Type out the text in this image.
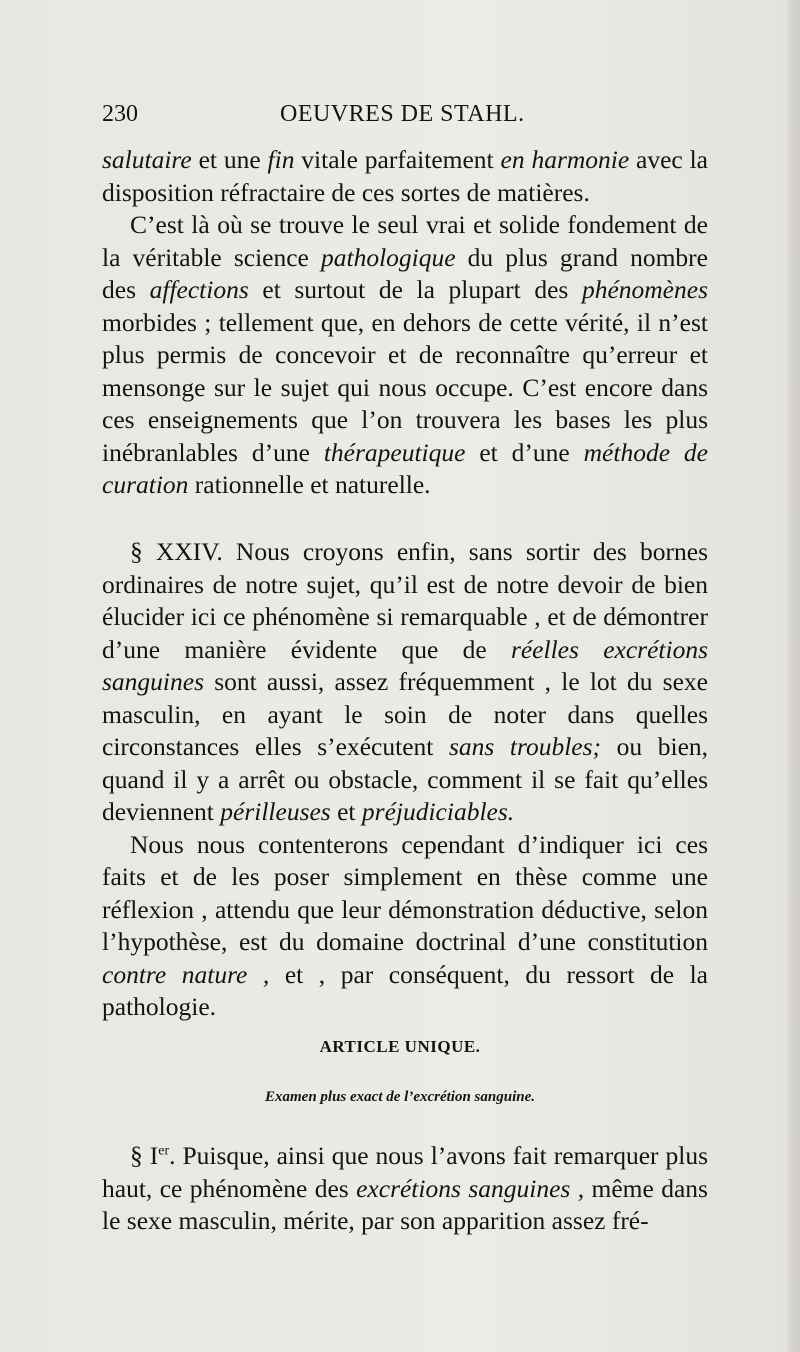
230	OEUVRES DE STAHL.

salutaire et une fin vitale parfaitement en harmonie avec la disposition réfractaire de ces sortes de matières.

C’est là où se trouve le seul vrai et solide fondement de la véritable science pathologique du plus grand nombre des affections et surtout de la plupart des phénomènes morbides ; tellement que, en dehors de cette vérité, il n’est plus permis de concevoir et de reconnaître qu’erreur et mensonge sur le sujet qui nous occupe. C’est encore dans ces enseignements que l’on trouvera les bases les plus inébranlables d’une thérapeutique et d’une méthode de curation rationnelle et naturelle.

§ XXIV. Nous croyons enfin, sans sortir des bornes ordinaires de notre sujet, qu’il est de notre devoir de bien élucider ici ce phénomène si remarquable , et de démontrer d’une manière évidente que de réelles excrétions sanguines sont aussi, assez fréquemment , le lot du sexe masculin, en ayant le soin de noter dans quelles circonstances elles s’exécutent sans troubles; ou bien, quand il y a arrêt ou obstacle, comment il se fait qu’elles deviennent périlleuses et préjudiciables.

Nous nous contenterons cependant d’indiquer ici ces faits et de les poser simplement en thèse comme une réflexion , attendu que leur démonstration déductive, selon l’hypothèse, est du domaine doctrinal d’une constitution contre nature , et , par conséquent, du ressort de la pathologie.

ARTICLE UNIQUE.
Examen plus exact de l’excrétion sanguine.

§ Ier. Puisque, ainsi que nous l’avons fait remarquer plus haut, ce phénomène des excrétions sanguines , même dans le sexe masculin, mérite, par son apparition assez fré-
